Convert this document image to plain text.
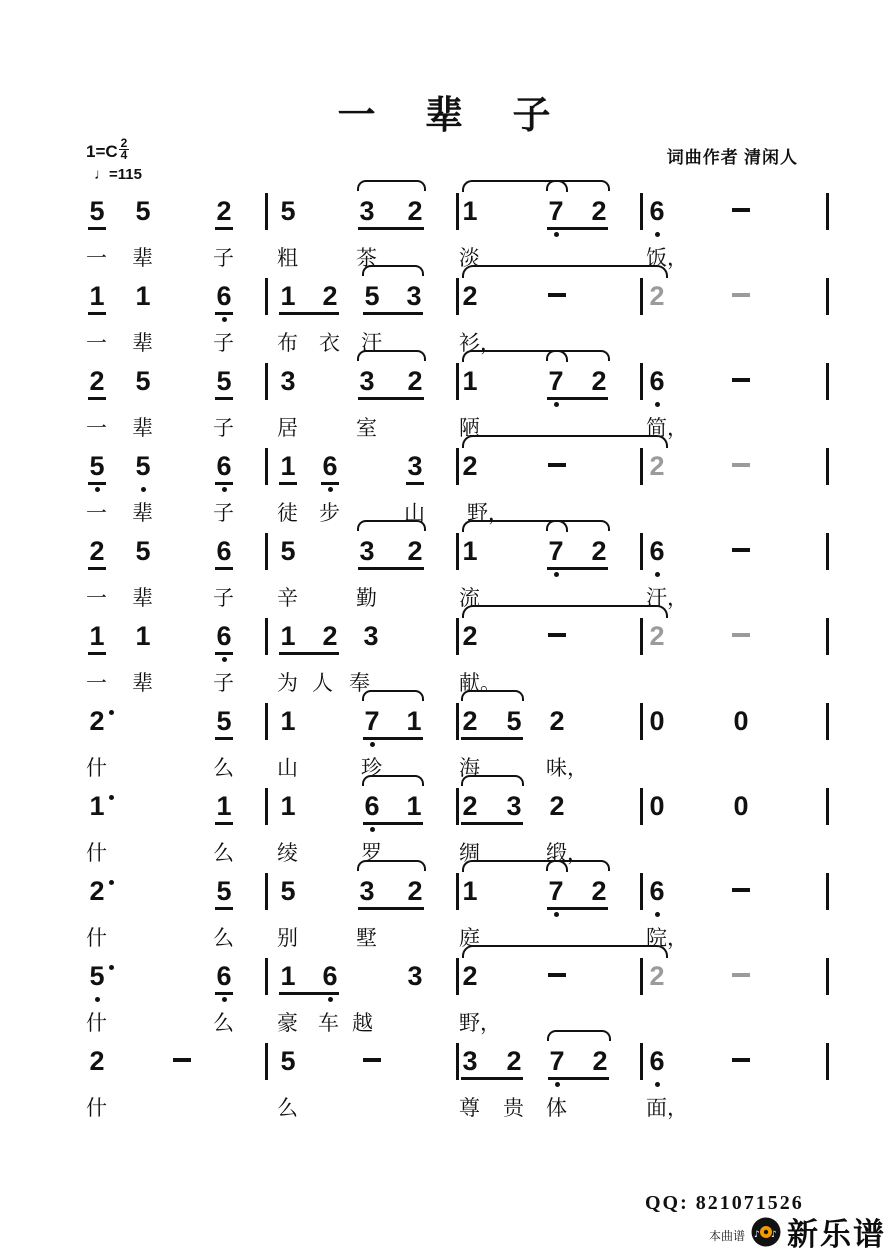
一 辈 子
$1=C \frac{2}{4}$
♩=115
词曲作者 清闲人
5 5 2 5 3 2 1	7 2 6
一 辈	子 粗	茶	淡	饭，
1 1 6 1 2 5 3 2	2
一 辈	子 布 衣 汗	衫，
2 5 5 3 3 2 1	7 2 6
一 辈	子 居	室	陋	简，
5 5 6 1 6	3 2	2
一 辈	子 徒 步	山 野，
2 5 6 5 3 2 1	7 2 6
一 辈	子 辛	勤	流	汗，
1 1 6 1 2 3	2	2
一 辈	子 为 人 奉	献。
2	5 1	7 1 2 5 2	0	0
什	么 山	珍	海	味，
1	1 1	6 1 2 3 2	0	0
什	么 绫	罗	绸	缎，
2	5 5 3 2 1	7 2 6
什	么 别	墅	庭	院，
5	6 1 6	3 2	2
什	么 豪 车 越	野，
2	5	3 2 7 2 6
什	么	尊 贵 体	面，
QQ: 821071526
本曲谱 ♪ ♪ 新乐谱
